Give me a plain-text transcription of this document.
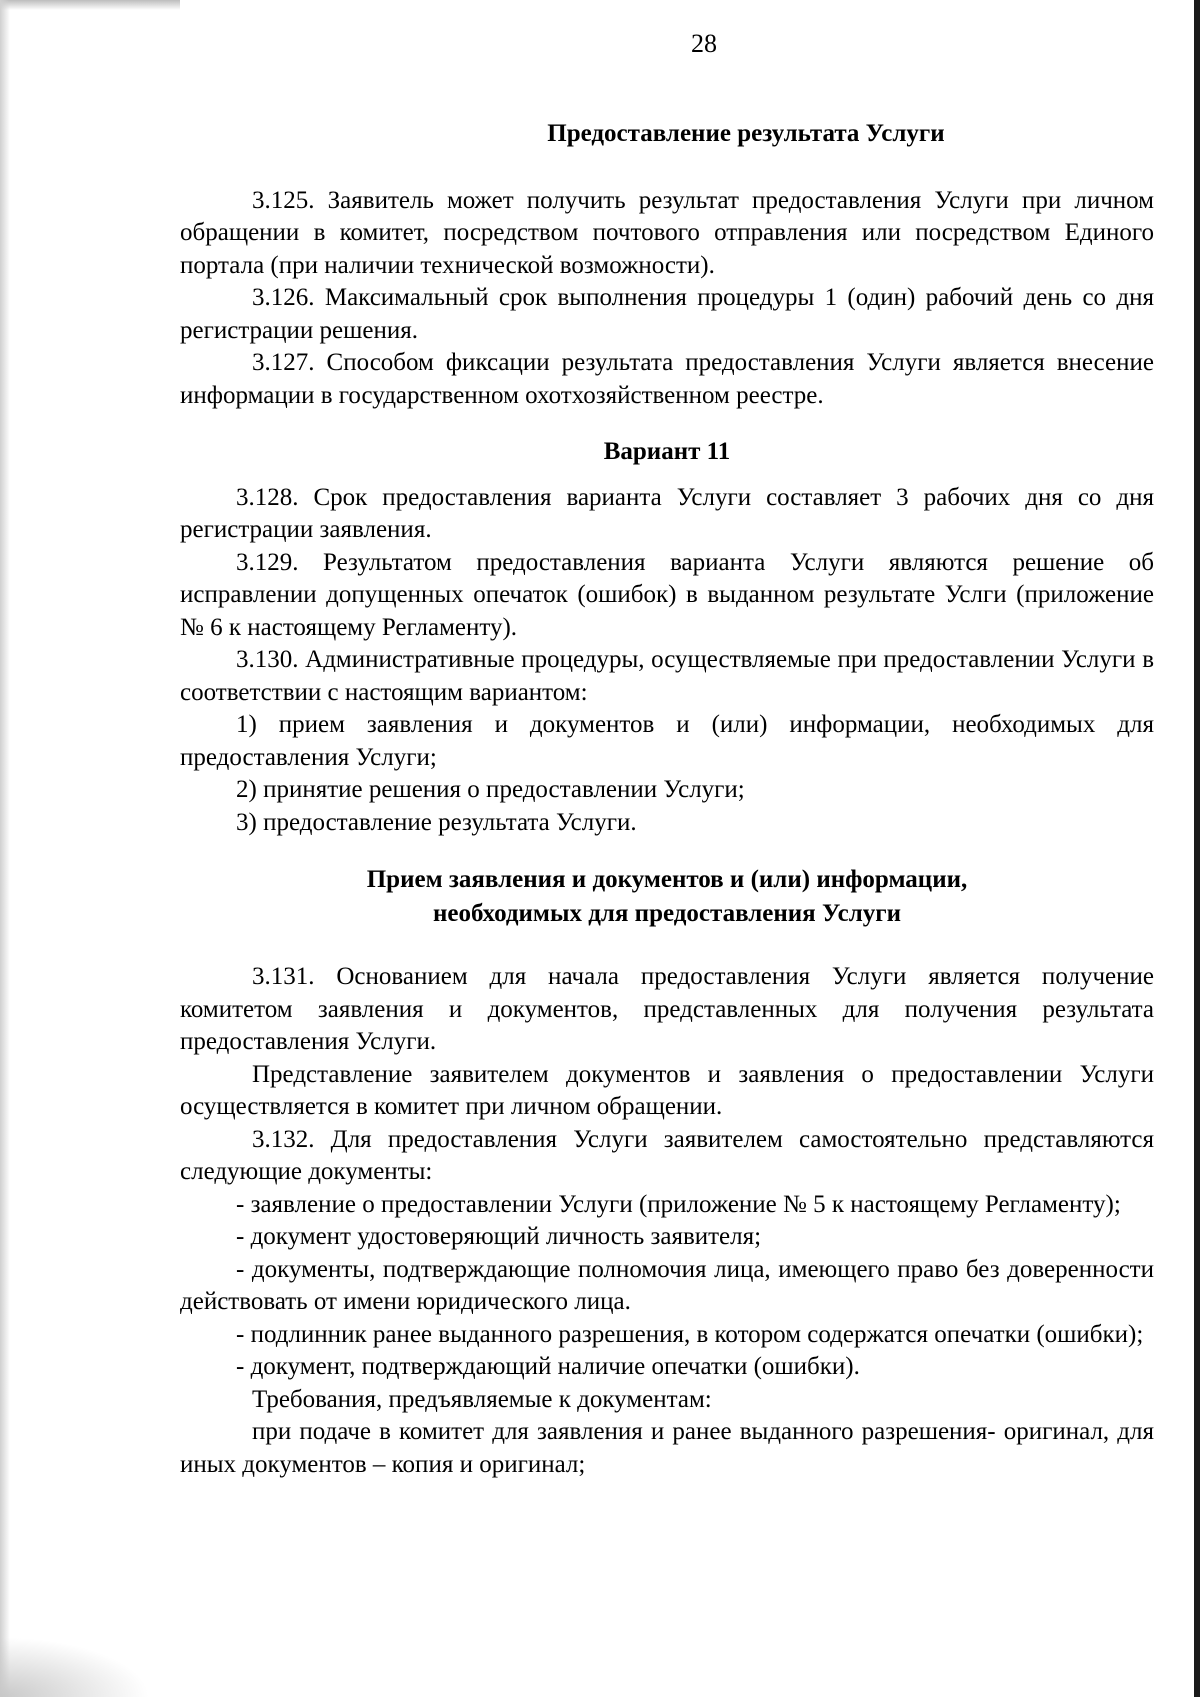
28

Предоставление результата Услуги

3.125. Заявитель может получить результат предоставления Услуги при личном обращении в комитет, посредством почтового отправления или посредством Единого портала (при наличии технической возможности).

3.126. Максимальный срок выполнения процедуры 1 (один) рабочий день со дня регистрации решения.

3.127. Способом фиксации результата предоставления Услуги является внесение информации в государственном охотхозяйственном реестре.

Вариант 11

3.128. Срок предоставления варианта Услуги составляет 3 рабочих дня со дня регистрации заявления.

3.129. Результатом предоставления варианта Услуги являются решение об исправлении допущенных опечаток (ошибок) в выданном результате Услги (приложение № 6 к настоящему Регламенту).

3.130. Административные процедуры, осуществляемые при предоставлении Услуги в соответствии с настоящим вариантом:

1) прием заявления и документов и (или) информации, необходимых для предоставления Услуги;

2) принятие решения о предоставлении Услуги;

3) предоставление результата Услуги.

Прием заявления и документов и (или) информации,
необходимых для предоставления Услуги

3.131. Основанием для начала предоставления Услуги является получение комитетом заявления и документов, представленных для получения результата предоставления Услуги.

Представление заявителем документов и заявления о предоставлении Услуги осуществляется в комитет при личном обращении.

3.132. Для предоставления Услуги заявителем самостоятельно представляются следующие документы:

- заявление о предоставлении Услуги (приложение № 5 к настоящему Регламенту);

- документ удостоверяющий личность заявителя;

- документы, подтверждающие полномочия лица, имеющего право без доверенности действовать от имени юридического лица.

- подлинник ранее выданного разрешения, в котором содержатся опечатки (ошибки);

- документ, подтверждающий наличие опечатки (ошибки).

Требования, предъявляемые к документам:

при подаче в комитет для заявления и ранее выданного разрешения- оригинал, для иных документов – копия и оригинал;
